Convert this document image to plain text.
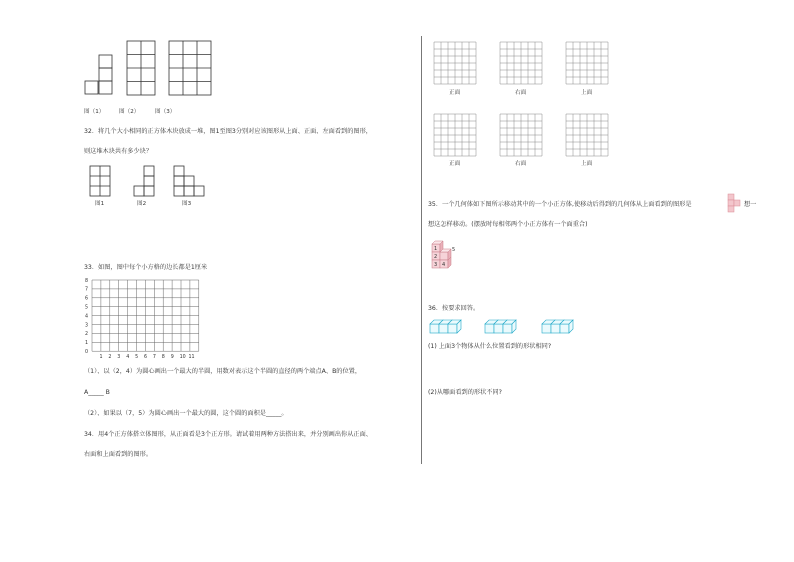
图（1）	图（2）	图（3）
32．将几个大小相同的正方体木块放成一堆，图1至图3分别对应该图形从上面、正面、左面看到的图形，
则这堆木块共有多少块？
图1	图2	图3
33．如图，图中每个小方格的边长都是1厘米
8
7
6
5
4
3
2
1
0
1 2 3 4 5 6 7 8 9 10 11
（1）、以（2，4）为圆心画出一个最大的半圆，用数对表示这个半圆的直径的两个端点A、B的位置，
A_____ B
（2）、如果以（7，5）为圆心画出一个最大的圆，这个圆的面积是_____。
34．用4个正方体搭立体图形，从正面看是3个正方形。请试着用两种方法搭出来，并分别画出你从正面、
右面和上面看到的图形。
正面	右面	上面
正面	右面	上面
35．一个几何体如下图所示移动其中的一个小正方体,使移动后得到的几何体从上面看到的图形是	想一
想这怎样移动。(摆放时每相邻两个小正方体有一个面重合)
1
2
3 4
5
36．按要求回答。
(1) 上面3个物体从什么位置看到的形状相同?
(2)从哪面看到的形状不同?
